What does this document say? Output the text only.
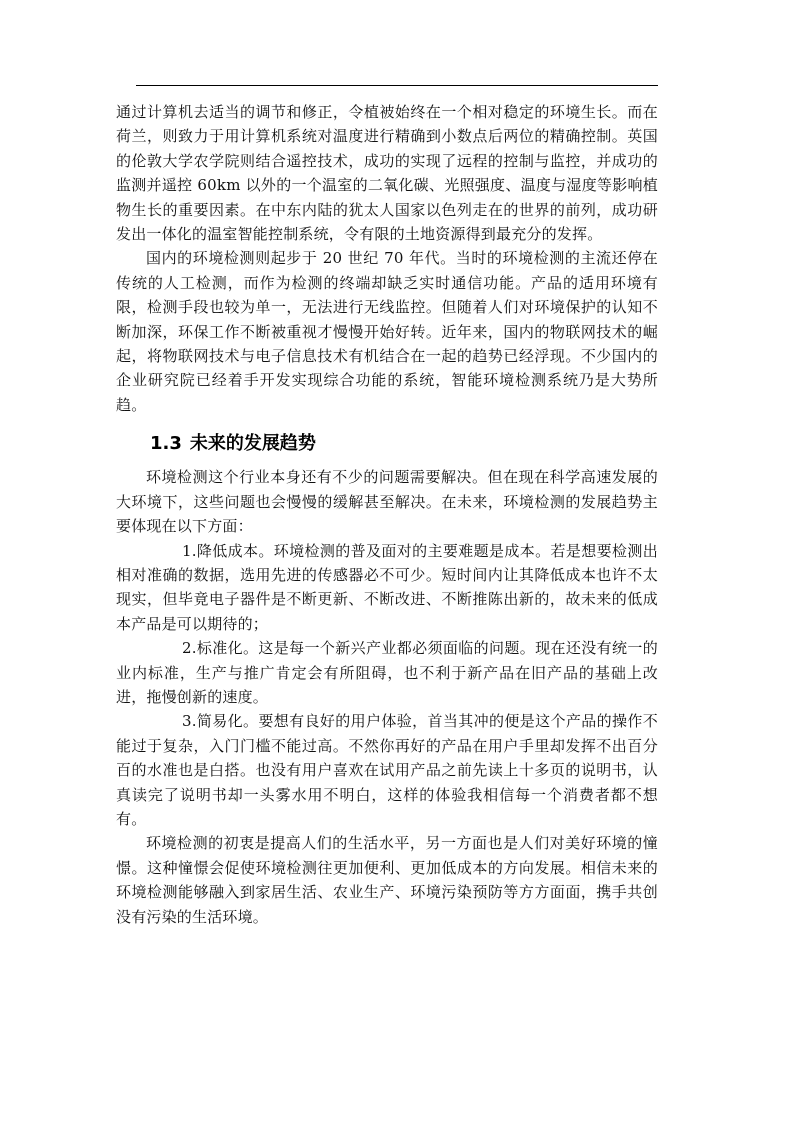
通过计算机去适当的调节和修正，令植被始终在一个相对稳定的环境生长。而在荷兰，则致力于用计算机系统对温度进行精确到小数点后两位的精确控制。英国的伦敦大学农学院则结合遥控技术，成功的实现了远程的控制与监控，并成功的监测并遥控 60km 以外的一个温室的二氧化碳、光照强度、温度与湿度等影响植物生长的重要因素。在中东内陆的犹太人国家以色列走在的世界的前列，成功研发出一体化的温室智能控制系统，令有限的土地资源得到最充分的发挥。

国内的环境检测则起步于 20 世纪 70 年代。当时的环境检测的主流还停在传统的人工检测，而作为检测的终端却缺乏实时通信功能。产品的适用环境有限，检测手段也较为单一，无法进行无线监控。但随着人们对环境保护的认知不断加深，环保工作不断被重视才慢慢开始好转。近年来，国内的物联网技术的崛起，将物联网技术与电子信息技术有机结合在一起的趋势已经浮现。不少国内的企业研究院已经着手开发实现综合功能的系统，智能环境检测系统乃是大势所趋。

1.3 未来的发展趋势

环境检测这个行业本身还有不少的问题需要解决。但在现在科学高速发展的大环境下，这些问题也会慢慢的缓解甚至解决。在未来，环境检测的发展趋势主要体现在以下方面：

1.降低成本。环境检测的普及面对的主要难题是成本。若是想要检测出相对准确的数据，选用先进的传感器必不可少。短时间内让其降低成本也许不太现实，但毕竟电子器件是不断更新、不断改进、不断推陈出新的，故未来的低成本产品是可以期待的；

2.标准化。这是每一个新兴产业都必须面临的问题。现在还没有统一的业内标准，生产与推广肯定会有所阻碍，也不利于新产品在旧产品的基础上改进，拖慢创新的速度。

3.简易化。要想有良好的用户体验，首当其冲的便是这个产品的操作不能过于复杂，入门门槛不能过高。不然你再好的产品在用户手里却发挥不出百分百的水准也是白搭。也没有用户喜欢在试用产品之前先读上十多页的说明书，认真读完了说明书却一头雾水用不明白，这样的体验我相信每一个消费者都不想有。

环境检测的初衷是提高人们的生活水平，另一方面也是人们对美好环境的憧憬。这种憧憬会促使环境检测往更加便利、更加低成本的方向发展。相信未来的环境检测能够融入到家居生活、农业生产、环境污染预防等方方面面，携手共创没有污染的生活环境。
